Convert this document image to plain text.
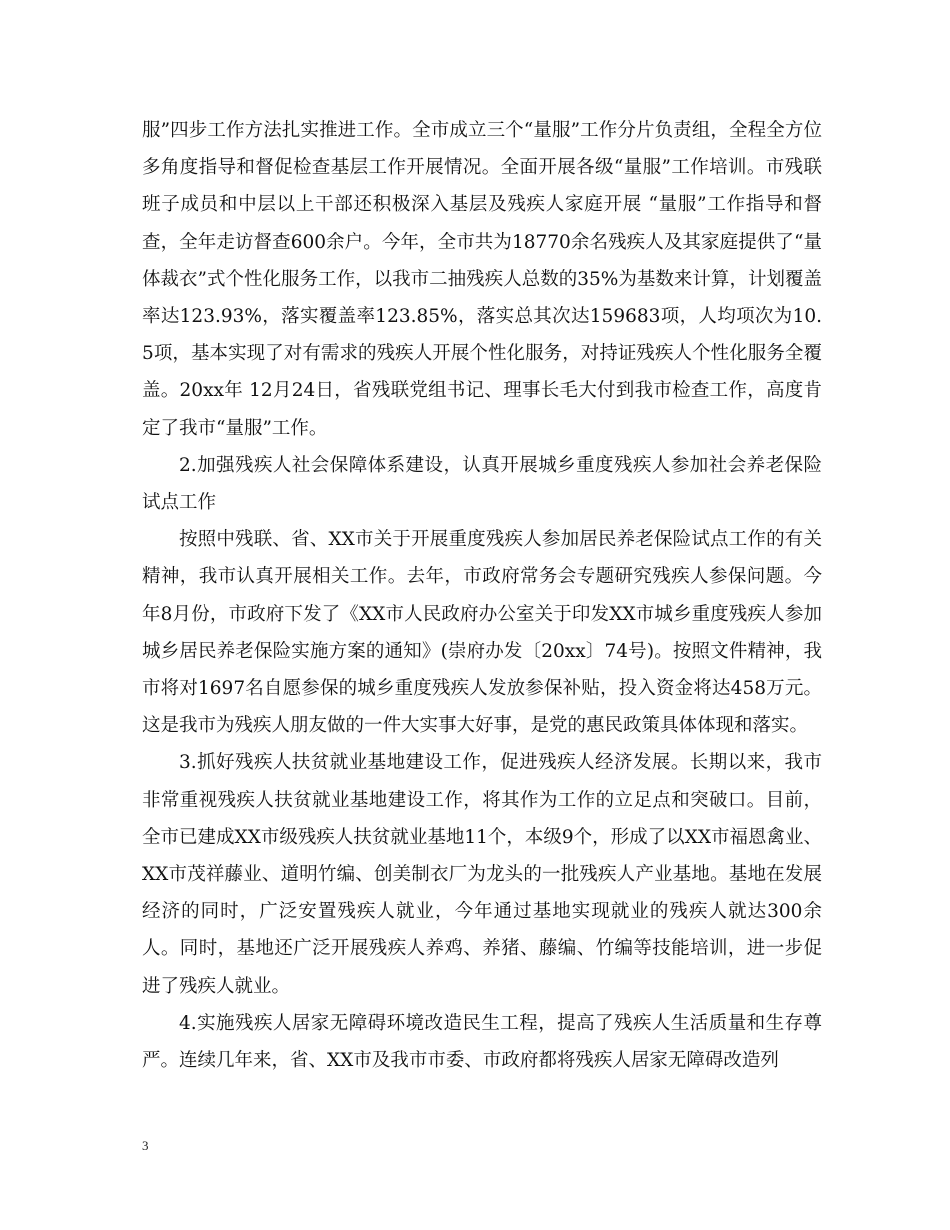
服”四步工作方法扎实推进工作。全市成立三个“量服”工作分片负责组，全程全方位多角度指导和督促检查基层工作开展情况。全面开展各级“量服”工作培训。市残联班子成员和中层以上干部还积极深入基层及残疾人家庭开展 “量服”工作指导和督查，全年走访督查600余户。今年，全市共为18770余名残疾人及其家庭提供了“量体裁衣”式个性化服务工作，以我市二抽残疾人总数的35%为基数来计算，计划覆盖率达123.93%，落实覆盖率123.85%，落实总其次达159683项，人均项次为10.5项，基本实现了对有需求的残疾人开展个性化服务，对持证残疾人个性化服务全覆盖。20xx年 12月24日，省残联党组书记、理事长毛大付到我市检查工作，高度肯定了我市“量服”工作。

2.加强残疾人社会保障体系建设，认真开展城乡重度残疾人参加社会养老保险试点工作

按照中残联、省、XX市关于开展重度残疾人参加居民养老保险试点工作的有关精神，我市认真开展相关工作。去年，市政府常务会专题研究残疾人参保问题。今年8月份，市政府下发了《XX市人民政府办公室关于印发XX市城乡重度残疾人参加城乡居民养老保险实施方案的通知》(崇府办发〔20xx〕74号)。按照文件精神，我市将对1697名自愿参保的城乡重度残疾人发放参保补贴，投入资金将达458万元。这是我市为残疾人朋友做的一件大实事大好事，是党的惠民政策具体体现和落实。

3.抓好残疾人扶贫就业基地建设工作，促进残疾人经济发展。长期以来，我市非常重视残疾人扶贫就业基地建设工作，将其作为工作的立足点和突破口。目前，全市已建成XX市级残疾人扶贫就业基地11个，本级9个，形成了以XX市福恩禽业、XX市茂祥藤业、道明竹编、创美制衣厂为龙头的一批残疾人产业基地。基地在发展经济的同时，广泛安置残疾人就业，今年通过基地实现就业的残疾人就达300余人。同时，基地还广泛开展残疾人养鸡、养猪、藤编、竹编等技能培训，进一步促进了残疾人就业。

4.实施残疾人居家无障碍环境改造民生工程，提高了残疾人生活质量和生存尊严。连续几年来，省、XX市及我市市委、市政府都将残疾人居家无障碍改造列

3
